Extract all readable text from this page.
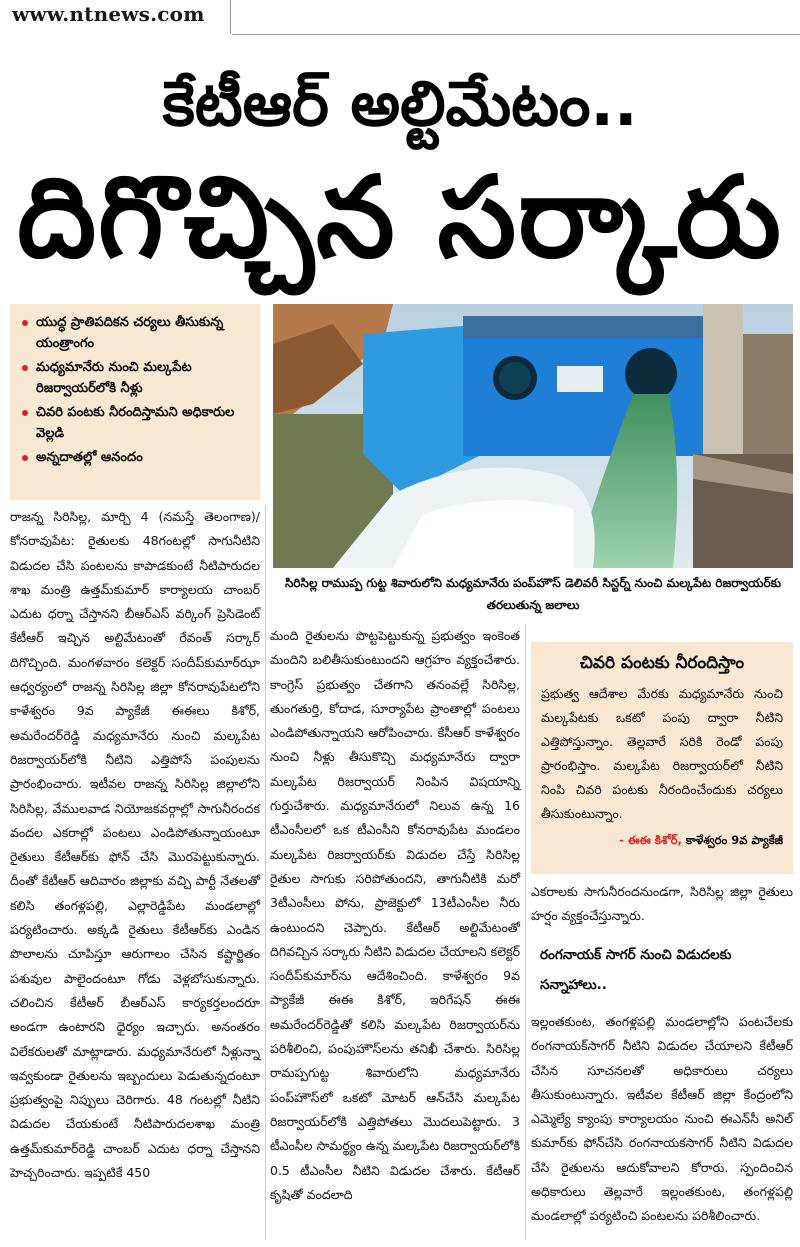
www.ntnews.com
కేటీఆర్ అల్టిమేటం..
దిగొచ్చిన సర్కారు
యుద్ధ ప్రాతిపదికన చర్యలు తీసుకున్న యంత్రాంగం
మధ్యమానేరు నుంచి మల్కపేట రిజర్వాయర్‌లోకి నీళ్లు
చివరి పంటకు నీరందిస్తామని అధికారుల వెల్లడి
అన్నదాతల్లో ఆనందం
సిరిసిల్ల రాముప్ప గుట్ట శివారులోని మధ్యమానేరు పంప్‌హౌస్ డెలివరీ సిస్టర్న్ నుంచి మల్కపేట రిజర్వాయర్‌కు తరలుతున్న జలాలు

రాజన్న సిరిసిల్ల, మార్చి 4 (నమస్తే తెలంగాణ)/ కోనరావుపేట: రైతులకు 48గంటల్లో సాగునీటిని విడుదల చేసి పంటలను కాపాడకుంటే నీటిపారుదల శాఖ మంత్రి ఉత్తమ్‌కుమార్ కార్యాలయ చాంబర్ ఎదుట ధర్నా చేస్తానని బీఆర్‌ఎస్ వర్కింగ్ ప్రెసిడెంట్ కేటీఆర్ ఇచ్చిన అల్టిమేటంతో రేవంత్ సర్కార్ దిగొచ్చింది. మంగళవారం కలెక్టర్ సందీప్‌కుమార్‌ఝా ఆధ్వర్యంలో రాజన్న సిరిసిల్ల జిల్లా కోనరావుపేటలోని కాళేశ్వరం 9వ ప్యాకేజీ ఈఈలు కిశోర్, అమరేందర్‌రెడ్డి మధ్యమానేరు నుంచి మల్కపేట రిజర్వాయర్‌లోకి నీటిని ఎత్తిపోసే పంపులను ప్రారంభించారు. ఇటీవల రాజన్న సిరిసిల్ల జిల్లాలోని సిరిసిల్ల, వేములవాడ నియోజకవర్గాల్లో సాగునీరందక వందల ఎకరాల్లో పంటలు ఎండిపోతున్నాయంటూ రైతులు కేటీఆర్‌కు ఫోన్ చేసి మొరపెట్టుకున్నారు. దీంతో కేటీఆర్ ఆదివారం జిల్లాకు వచ్చి పార్టీ నేతలతో కలిసి తంగళ్లపల్లి, ఎల్లారెడ్డిపేట మండలాల్లో పర్యటించారు. అక్కడి రైతులు కేటీఆర్‌కు ఎండిన పొలాలను చూపిస్తూ ఆరుగాలం చేసిన కష్టార్జితం పశువుల పాలైందంటూ గోడు వెళ్లబోసుకున్నారు. చలించిన కేటీఆర్ బీఆర్‌ఎస్ కార్యకర్తలందరూ అండగా ఉంటారని ధైర్యం ఇచ్చారు. అనంతరం విలేకరులతో మాట్లాడారు. మధ్యమానేరులో నీళ్లున్నా ఇవ్వకుండా రైతులను ఇబ్బందులు పెడుతున్నదంటూ ప్రభుత్వంపై నిప్పులు చెరిగారు. 48 గంటల్లో నీటిని విడుదల చేయకుంటే నీటిపారుదలశాఖ మంత్రి ఉత్తమ్‌కుమార్‌రెడ్డి చాంబర్ ఎదుట ధర్నా చేస్తానని హెచ్చరించారు. ఇప్పటికే 450

మంది రైతులను పొట్టపెట్టుకున్న ప్రభుత్వం ఇంకెంత మందిని బలితీసుకుంటుందని ఆగ్రహం వ్యక్తంచేశారు. కాంగ్రెస్ ప్రభుత్వం చేతగాని తనంవల్లే సిరిసిల్ల, తుంగతుర్తి, కోదాడ, సూర్యాపేట ప్రాంతాల్లో పంటలు ఎండిపోతున్నాయని ఆరోపించారు. కేసీఆర్ కాళేశ్వరం నుంచి నీళ్లు తీసుకొచ్చి మధ్యమానేరు ద్వారా మల్కపేట రిజర్వాయర్ నింపిన విషయాన్ని గుర్తుచేశారు. మధ్యమానేరులో నిలువ ఉన్న 16 టీఎంసీలలో ఒక టీఎంసీని కోనరావుపేట మండలం మల్కపేట రిజర్వాయర్‌కు విడుదల చేస్తే సిరిసిల్ల రైతుల సాగుకు సరిపోతుందని, తాగునీటికి మరో 3టీఎంసీలు పోను, ప్రాజెక్టులో 13టీఎంసీల నీరు ఉంటుందని చెప్పారు. కేటీఆర్ అల్టిమేటంతో దిగివచ్చిన సర్కారు నీటిని విడుదల చేయాలని కలెక్టర్ సందీప్‌కుమార్‌ను ఆదేశించింది. కాళేశ్వరం 9వ ప్యాకేజీ ఈఈ కిశోర్, ఇరిగేషన్ ఈఈ అమరేందర్‌రెడ్డితో కలిసి మల్కపేట రిజర్వాయర్‌ను పరిశీలించి, పంపుహౌస్‌లను తనిఖీ చేశారు. సిరిసిల్ల రామప్పగుట్ట శివారులోని మధ్యమానేరు పంప్‌హౌస్‌లో ఒకటో మోటర్ ఆన్‌చేసి మల్కపేట రిజర్వాయర్‌లోకి ఎత్తిపోతలు మొదలుపెట్టారు. 3 టీఎంసీల సామర్థ్యం ఉన్న మల్కపేట రిజర్వాయర్‌లోకి 0.5 టీఎంసీల నీటిని విడుదల చేశారు. కేటీఆర్ కృషితో వందలాది

చివరి పంటకు నీరందిస్తాం
ప్రభుత్వ ఆదేశాల మేరకు మధ్యమానేరు నుంచి మల్కపేటకు ఒకటో పంపు ద్వారా నీటిని ఎత్తిపోస్తున్నాం. తెల్లవారే సరికి రెండో పంపు ప్రారంభిస్తాం. మల్కపేట రిజర్వాయర్‌లో నీటిని నింపి చివరి పంటకు నీరందించేందుకు చర్యలు తీసుకుంటున్నాం.
- ఈఈ కిశోర్, కాళేశ్వరం 9వ ప్యాకేజీ

ఎకరాలకు సాగునీరందనుండగా, సిరిసిల్ల జిల్లా రైతులు హర్షం వ్యక్తంచేస్తున్నారు.

రంగనాయక్ సాగర్ నుంచి విడుదలకు సన్నాహాలు..

ఇల్లంతకుంట, తంగళ్లపల్లి మండలాల్లోని పంటచేలకు రంగనాయక్‌సాగర్ నీటిని విడుదల చేయాలని కేటీఆర్ చేసిన సూచనలతో అధికారులు చర్యలు తీసుకుంటున్నారు. ఇటీవల కేటీఆర్ జిల్లా కేంద్రంలోని ఎమ్మెల్యే క్యాంపు కార్యాలయం నుంచి ఈఎన్‌సీ అనిల్ కుమార్‌కు ఫోన్‌చేసి రంగనాయకసాగర్ నీటిని విడుదల చేసి రైతులను ఆదుకోవాలని కోరారు. స్పందించిన అధికారులు తెల్లవారే ఇల్లంతకుంట, తంగళ్లపల్లి మండలాల్లో పర్యటించి పంటలను పరిశీలించారు.
